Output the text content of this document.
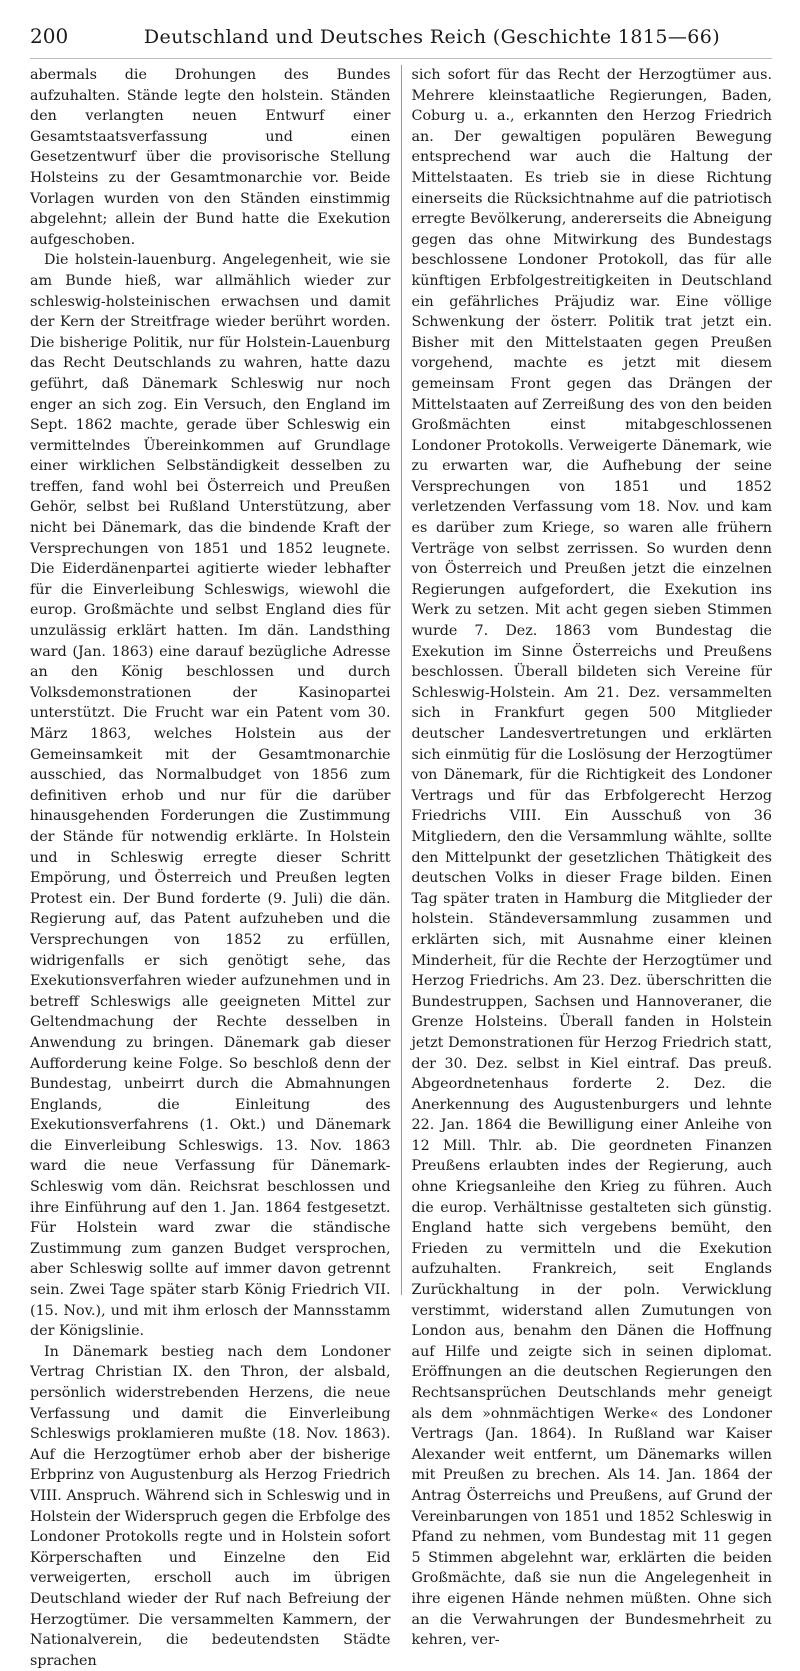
200	Deutschland und Deutsches Reich (Geschichte 1815—66)

abermals die Drohungen des Bundes aufzuhalten. Stände legte den holstein. Ständen den verlangten neuen Entwurf einer Gesamtstaatsverfassung und einen Gesetzentwurf über die provisorische Stellung Holsteins zu der Gesamtmonarchie vor. Beide Vorlagen wurden von den Ständen einstimmig abgelehnt; allein der Bund hatte die Exekution aufgeschoben.

Die holstein-lauenburg. Angelegenheit, wie sie am Bunde hieß, war allmählich wieder zur schleswig-holsteinischen erwachsen und damit der Kern der Streitfrage wieder berührt worden. Die bisherige Politik, nur für Holstein-Lauenburg das Recht Deutschlands zu wahren, hatte dazu geführt, daß Dänemark Schleswig nur noch enger an sich zog. Ein Versuch, den England im Sept. 1862 machte, gerade über Schleswig ein vermittelndes Übereinkommen auf Grundlage einer wirklichen Selbständigkeit desselben zu treffen, fand wohl bei Österreich und Preußen Gehör, selbst bei Rußland Unterstützung, aber nicht bei Dänemark, das die bindende Kraft der Versprechungen von 1851 und 1852 leugnete. Die Eiderdänenpartei agitierte wieder lebhafter für die Einverleibung Schleswigs, wiewohl die europ. Großmächte und selbst England dies für unzulässig erklärt hatten. Im dän. Landsthing ward (Jan. 1863) eine darauf bezügliche Adresse an den König beschlossen und durch Volksdemonstrationen der Kasinopartei unterstützt. Die Frucht war ein Patent vom 30. März 1863, welches Holstein aus der Gemeinsamkeit mit der Gesamtmonarchie ausschied, das Normalbudget von 1856 zum definitiven erhob und nur für die darüber hinausgehenden Forderungen die Zustimmung der Stände für notwendig erklärte. In Holstein und in Schleswig erregte dieser Schritt Empörung, und Österreich und Preußen legten Protest ein. Der Bund forderte (9. Juli) die dän. Regierung auf, das Patent aufzuheben und die Versprechungen von 1852 zu erfüllen, widrigenfalls er sich genötigt sehe, das Exekutionsverfahren wieder aufzunehmen und in betreff Schleswigs alle geeigneten Mittel zur Geltendmachung der Rechte desselben in Anwendung zu bringen. Dänemark gab dieser Aufforderung keine Folge. So beschloß denn der Bundestag, unbeirrt durch die Abmahnungen Englands, die Einleitung des Exekutionsverfahrens (1. Okt.) und Dänemark die Einverleibung Schleswigs. 13. Nov. 1863 ward die neue Verfassung für Dänemark-Schleswig vom dän. Reichsrat beschlossen und ihre Einführung auf den 1. Jan. 1864 festgesetzt. Für Holstein ward zwar die ständische Zustimmung zum ganzen Budget versprochen, aber Schleswig sollte auf immer davon getrennt sein. Zwei Tage später starb König Friedrich VII. (15. Nov.), und mit ihm erlosch der Mannsstamm der Königslinie.

In Dänemark bestieg nach dem Londoner Vertrag Christian IX. den Thron, der alsbald, persönlich widerstrebenden Herzens, die neue Verfassung und damit die Einverleibung Schleswigs proklamieren mußte (18. Nov. 1863). Auf die Herzogtümer erhob aber der bisherige Erbprinz von Augustenburg als Herzog Friedrich VIII. Anspruch. Während sich in Schleswig und in Holstein der Widerspruch gegen die Erbfolge des Londoner Protokolls regte und in Holstein sofort Körperschaften und Einzelne den Eid verweigerten, erscholl auch im übrigen Deutschland wieder der Ruf nach Befreiung der Herzogtümer. Die versammelten Kammern, der Nationalverein, die bedeutendsten Städte sprachen

sich sofort für das Recht der Herzogtümer aus. Mehrere kleinstaatliche Regierungen, Baden, Coburg u. a., erkannten den Herzog Friedrich an. Der gewaltigen populären Bewegung entsprechend war auch die Haltung der Mittelstaaten. Es trieb sie in diese Richtung einerseits die Rücksichtnahme auf die patriotisch erregte Bevölkerung, andererseits die Abneigung gegen das ohne Mitwirkung des Bundestags beschlossene Londoner Protokoll, das für alle künftigen Erbfolgestreitigkeiten in Deutschland ein gefährliches Präjudiz war. Eine völlige Schwenkung der österr. Politik trat jetzt ein. Bisher mit den Mittelstaaten gegen Preußen vorgehend, machte es jetzt mit diesem gemeinsam Front gegen das Drängen der Mittelstaaten auf Zerreißung des von den beiden Großmächten einst mitabgeschlossenen Londoner Protokolls. Verweigerte Dänemark, wie zu erwarten war, die Aufhebung der seine Versprechungen von 1851 und 1852 verletzenden Verfassung vom 18. Nov. und kam es darüber zum Kriege, so waren alle frühern Verträge von selbst zerrissen. So wurden denn von Österreich und Preußen jetzt die einzelnen Regierungen aufgefordert, die Exekution ins Werk zu setzen. Mit acht gegen sieben Stimmen wurde 7. Dez. 1863 vom Bundestag die Exekution im Sinne Österreichs und Preußens beschlossen. Überall bildeten sich Vereine für Schleswig-Holstein. Am 21. Dez. versammelten sich in Frankfurt gegen 500 Mitglieder deutscher Landesvertretungen und erklärten sich einmütig für die Loslösung der Herzogtümer von Dänemark, für die Richtigkeit des Londoner Vertrags und für das Erbfolgerecht Herzog Friedrichs VIII. Ein Ausschuß von 36 Mitgliedern, den die Versammlung wählte, sollte den Mittelpunkt der gesetzlichen Thätigkeit des deutschen Volks in dieser Frage bilden. Einen Tag später traten in Hamburg die Mitglieder der holstein. Ständeversammlung zusammen und erklärten sich, mit Ausnahme einer kleinen Minderheit, für die Rechte der Herzogtümer und Herzog Friedrichs. Am 23. Dez. überschritten die Bundestruppen, Sachsen und Hannoveraner, die Grenze Holsteins. Überall fanden in Holstein jetzt Demonstrationen für Herzog Friedrich statt, der 30. Dez. selbst in Kiel eintraf. Das preuß. Abgeordnetenhaus forderte 2. Dez. die Anerkennung des Augustenburgers und lehnte 22. Jan. 1864 die Bewilligung einer Anleihe von 12 Mill. Thlr. ab. Die geordneten Finanzen Preußens erlaubten indes der Regierung, auch ohne Kriegsanleihe den Krieg zu führen. Auch die europ. Verhältnisse gestalteten sich günstig. England hatte sich vergebens bemüht, den Frieden zu vermitteln und die Exekution aufzuhalten. Frankreich, seit Englands Zurückhaltung in der poln. Verwicklung verstimmt, widerstand allen Zumutungen von London aus, benahm den Dänen die Hoffnung auf Hilfe und zeigte sich in seinen diplomat. Eröffnungen an die deutschen Regierungen den Rechtsansprüchen Deutschlands mehr geneigt als dem »ohnmächtigen Werke« des Londoner Vertrags (Jan. 1864). In Rußland war Kaiser Alexander weit entfernt, um Dänemarks willen mit Preußen zu brechen. Als 14. Jan. 1864 der Antrag Österreichs und Preußens, auf Grund der Vereinbarungen von 1851 und 1852 Schleswig in Pfand zu nehmen, vom Bundestag mit 11 gegen 5 Stimmen abgelehnt war, erklärten die beiden Großmächte, daß sie nun die Angelegenheit in ihre eigenen Hände nehmen müßten. Ohne sich an die Verwahrungen der Bundesmehrheit zu kehren, ver-
